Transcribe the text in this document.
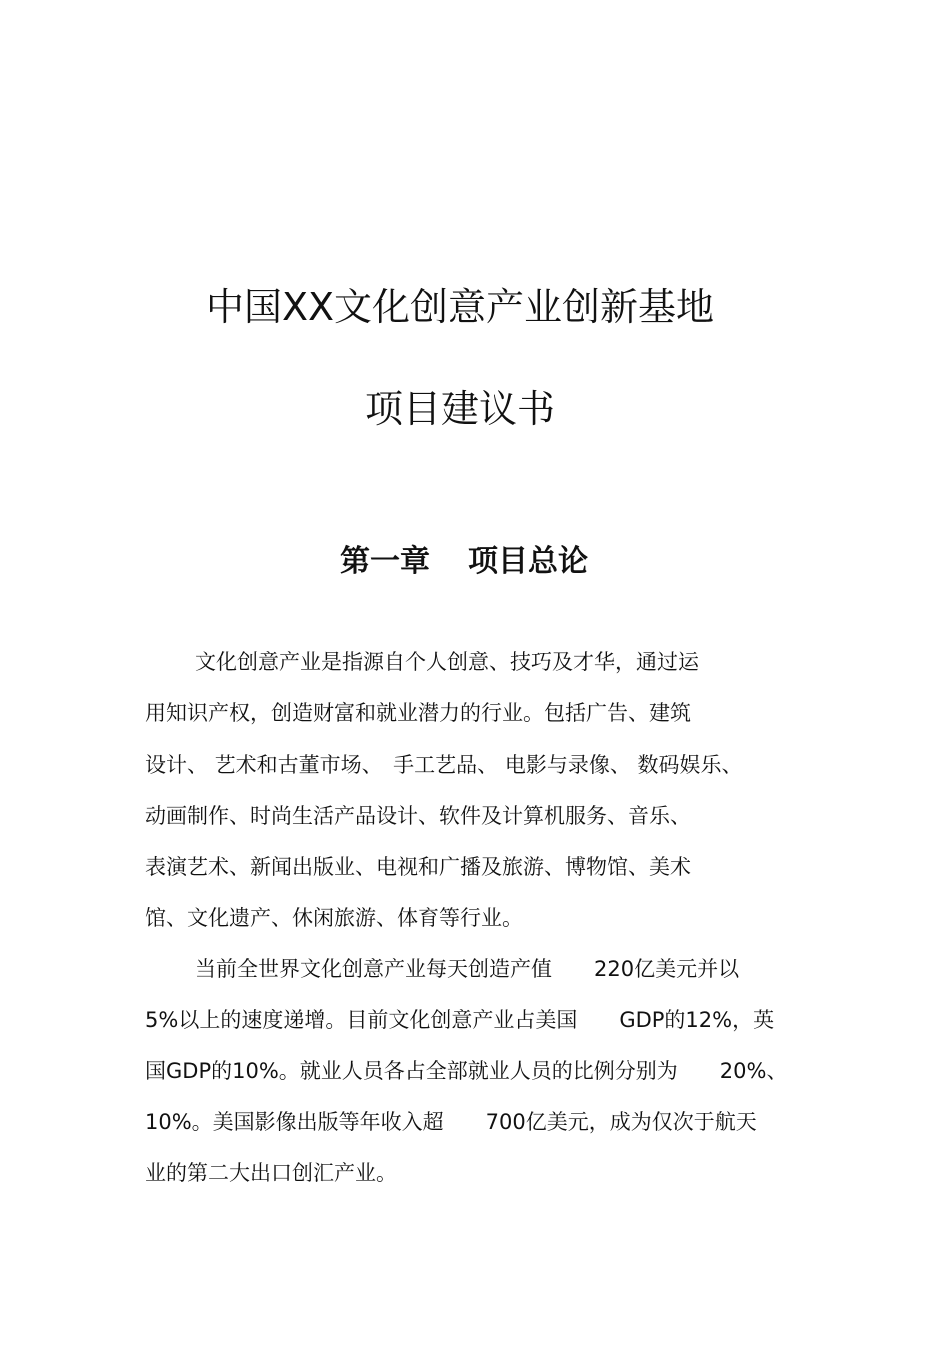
中国XX文化创意产业创新基地
项目建议书
第一章 项目总论
文化创意产业是指源自个人创意、技巧及才华，通过运
用知识产权，创造财富和就业潜力的行业。包括广告、建筑
设计、 艺术和古董市场、　手工艺品、 电影与录像、 数码娱乐、
动画制作、时尚生活产品设计、软件及计算机服务、音乐、
表演艺术、新闻出版业、电视和广播及旅游、博物馆、美术
馆、文化遗产、休闲旅游、体育等行业。
当前全世界文化创意产业每天创造产值　　220亿美元并以
5%以上的速度递增。目前文化创意产业占美国　　GDP的12%，英
国GDP的10%。就业人员各占全部就业人员的比例分别为　　20%、
10%。美国影像出版等年收入超　　700亿美元，成为仅次于航天
业的第二大出口创汇产业。
